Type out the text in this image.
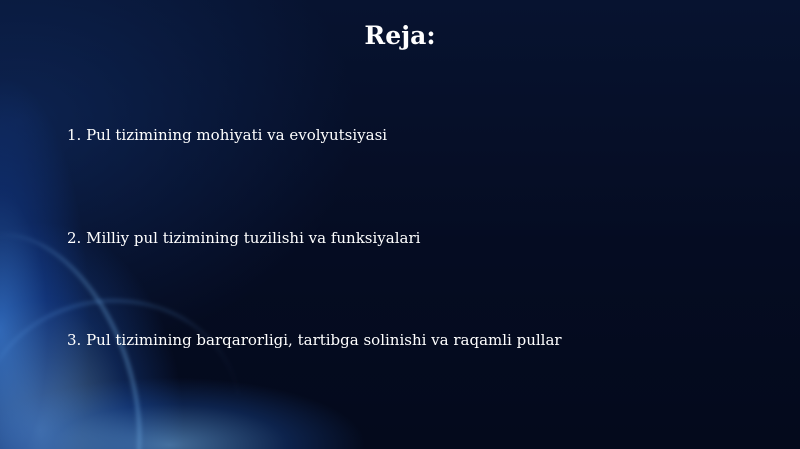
Reja:
1. Pul tizimining mohiyati va evolyutsiyasi
2. Milliy pul tizimining tuzilishi va funksiyalari
3. Pul tizimining barqarorligi, tartibga solinishi va raqamli pullar
